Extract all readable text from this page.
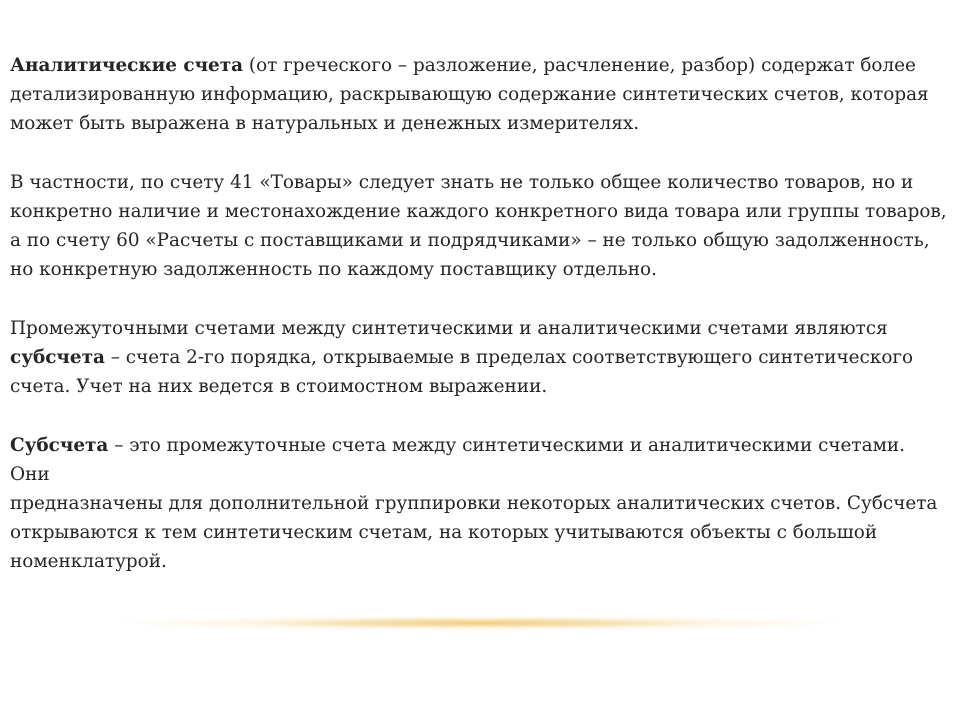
Аналитические счета (от греческого – разложение, расчленение, разбор) содержат более
детализированную информацию, раскрывающую содержание синтетических счетов, которая
может быть выражена в натуральных и денежных измерителях.

В частности, по счету 41 «Товары» следует знать не только общее количество товаров, но и
конкретно наличие и местонахождение каждого конкретного вида товара или группы товаров,
а по счету 60 «Расчеты с поставщиками и подрядчиками» – не только общую задолженность,
но конкретную задолженность по каждому поставщику отдельно.

Промежуточными счетами между синтетическими и аналитическими счетами являются
субсчета – счета 2-го порядка, открываемые в пределах соответствующего синтетического
счета. Учет на них ведется в стоимостном выражении.

Субсчета – это промежуточные счета между синтетическими и аналитическими счетами. Они
предназначены для дополнительной группировки некоторых аналитических счетов. Субсчета
открываются к тем синтетическим счетам, на которых учитываются объекты с большой
номенклатурой.
